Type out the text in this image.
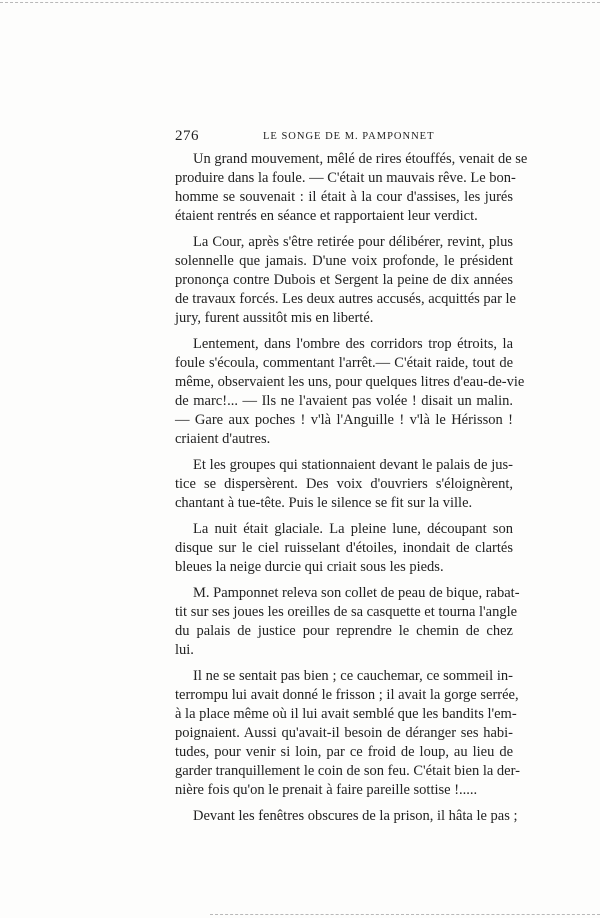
276	LE SONGE DE M. PAMPONNET
Un grand mouvement, mêlé de rires étouffés, venait de se
produire dans la foule. — C'était un mauvais rêve. Le bon-
homme se souvenait : il était à la cour d'assises, les jurés
étaient rentrés en séance et rapportaient leur verdict.
La Cour, après s'être retirée pour délibérer, revint, plus
solennelle que jamais. D'une voix profonde, le président
prononça contre Dubois et Sergent la peine de dix années
de travaux forcés. Les deux autres accusés, acquittés par le
jury, furent aussitôt mis en liberté.
Lentement, dans l'ombre des corridors trop étroits, la
foule s'écoula, commentant l'arrêt.— C'était raide, tout de
même, observaient les uns, pour quelques litres d'eau-de-vie
de marc!... — Ils ne l'avaient pas volée ! disait un malin.
— Gare aux poches ! v'là l'Anguille ! v'là le Hérisson !
criaient d'autres.
Et les groupes qui stationnaient devant le palais de jus-
tice se dispersèrent. Des voix d'ouvriers s'éloignèrent,
chantant à tue-tête. Puis le silence se fit sur la ville.
La nuit était glaciale. La pleine lune, découpant son
disque sur le ciel ruisselant d'étoiles, inondait de clartés
bleues la neige durcie qui criait sous les pieds.
M. Pamponnet releva son collet de peau de bique, rabat-
tit sur ses joues les oreilles de sa casquette et tourna l'angle
du palais de justice pour reprendre le chemin de chez
lui.
Il ne se sentait pas bien ; ce cauchemar, ce sommeil in-
terrompu lui avait donné le frisson ; il avait la gorge serrée,
à la place même où il lui avait semblé que les bandits l'em-
poignaient. Aussi qu'avait-il besoin de déranger ses habi-
tudes, pour venir si loin, par ce froid de loup, au lieu de
garder tranquillement le coin de son feu. C'était bien la der-
nière fois qu'on le prenait à faire pareille sottise !.....
Devant les fenêtres obscures de la prison, il hâta le pas ;
